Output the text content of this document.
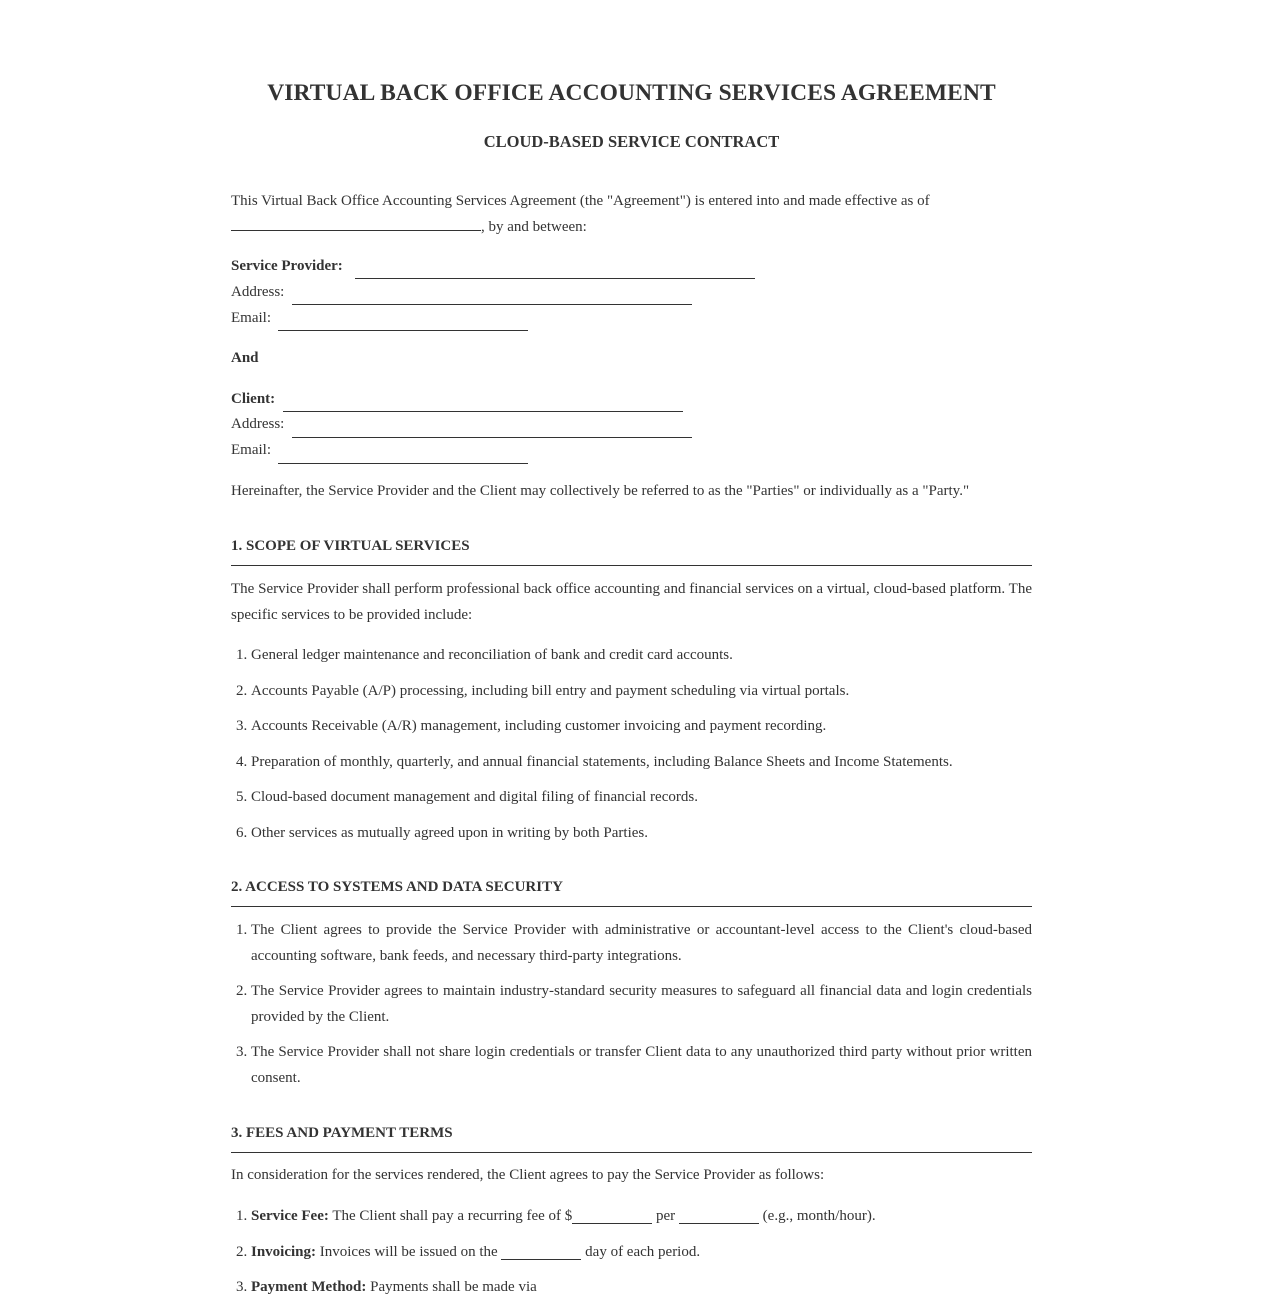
VIRTUAL BACK OFFICE ACCOUNTING SERVICES AGREEMENT
CLOUD-BASED SERVICE CONTRACT
This Virtual Back Office Accounting Services Agreement (the "Agreement") is entered into and made effective as of
, by and between:
Service Provider:
Address:
Email:
And
Client:
Address:
Email:
Hereinafter, the Service Provider and the Client may collectively be referred to as the "Parties" or individually as a "Party."
1. SCOPE OF VIRTUAL SERVICES
The Service Provider shall perform professional back office accounting and financial services on a virtual, cloud-based platform. The specific services to be provided include:
1. General ledger maintenance and reconciliation of bank and credit card accounts.
2. Accounts Payable (A/P) processing, including bill entry and payment scheduling via virtual portals.
3. Accounts Receivable (A/R) management, including customer invoicing and payment recording.
4. Preparation of monthly, quarterly, and annual financial statements, including Balance Sheets and Income Statements.
5. Cloud-based document management and digital filing of financial records.
6. Other services as mutually agreed upon in writing by both Parties.
2. ACCESS TO SYSTEMS AND DATA SECURITY
1. The Client agrees to provide the Service Provider with administrative or accountant-level access to the Client's cloud-based accounting software, bank feeds, and necessary third-party integrations.
2. The Service Provider agrees to maintain industry-standard security measures to safeguard all financial data and login credentials provided by the Client.
3. The Service Provider shall not share login credentials or transfer Client data to any unauthorized third party without prior written consent.
3. FEES AND PAYMENT TERMS
In consideration for the services rendered, the Client agrees to pay the Service Provider as follows:
1. Service Fee: The Client shall pay a recurring fee of $	per	(e.g., month/hour).
2. Invoicing: Invoices will be issued on the	day of each period.
3. Payment Method: Payments shall be made via
